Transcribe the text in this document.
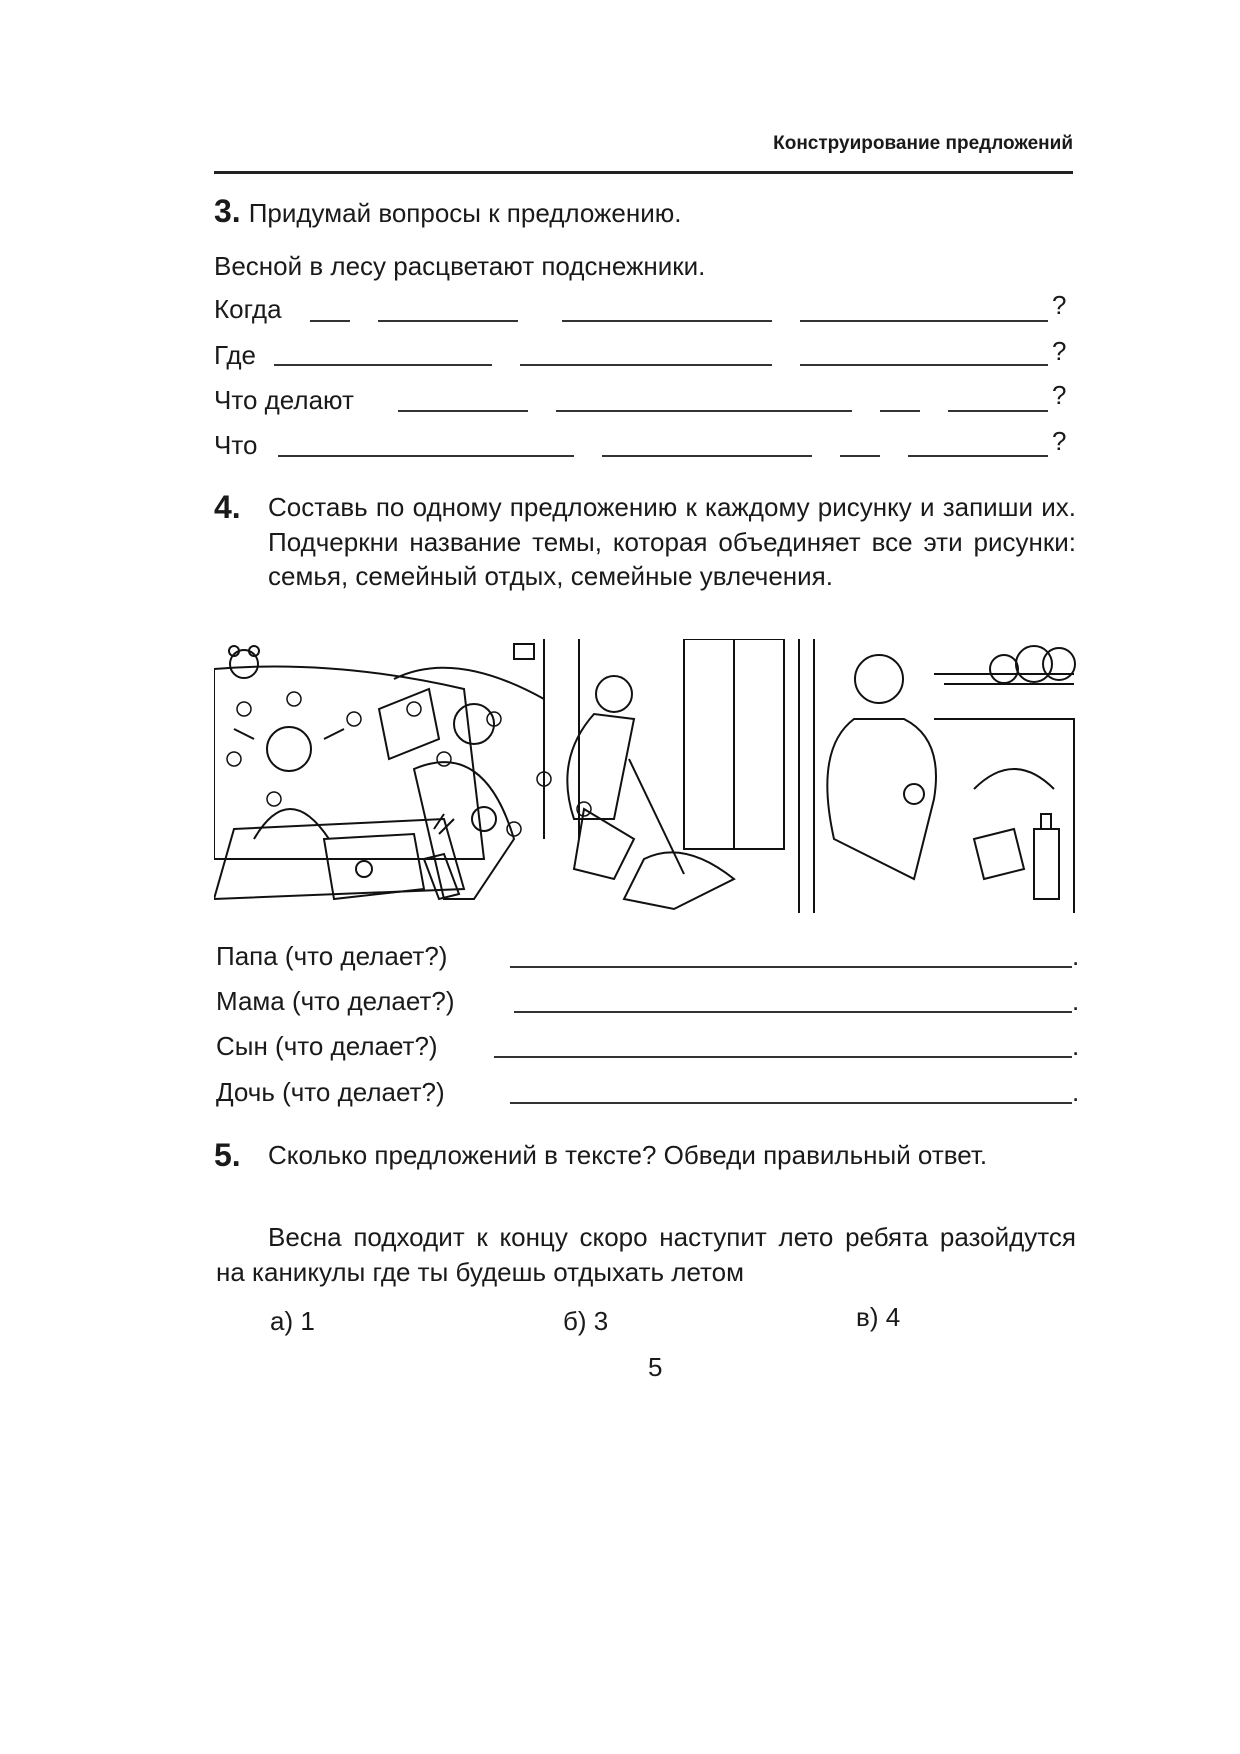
Конструирование предложений
3. Придумай вопросы к предложению.
Весной в лесу расцветают подснежники.
Когда	?
Где	?
Что делают	?
Что	?
4. Составь по одному предложению к каждому рисунку и запиши их. Подчеркни название темы, которая объединяет все эти рисунки: семья, семейный отдых, семейные увлечения.
Папа (что делает?)	.
Мама (что делает?)	.
Сын (что делает?)	.
Дочь (что делает?)	.
5. Сколько предложений в тексте? Обведи правильный ответ.
Весна подходит к концу скоро наступит лето ребята разойдутся на каникулы где ты будешь отдыхать летом
а) 1	б) 3	в) 4
5
